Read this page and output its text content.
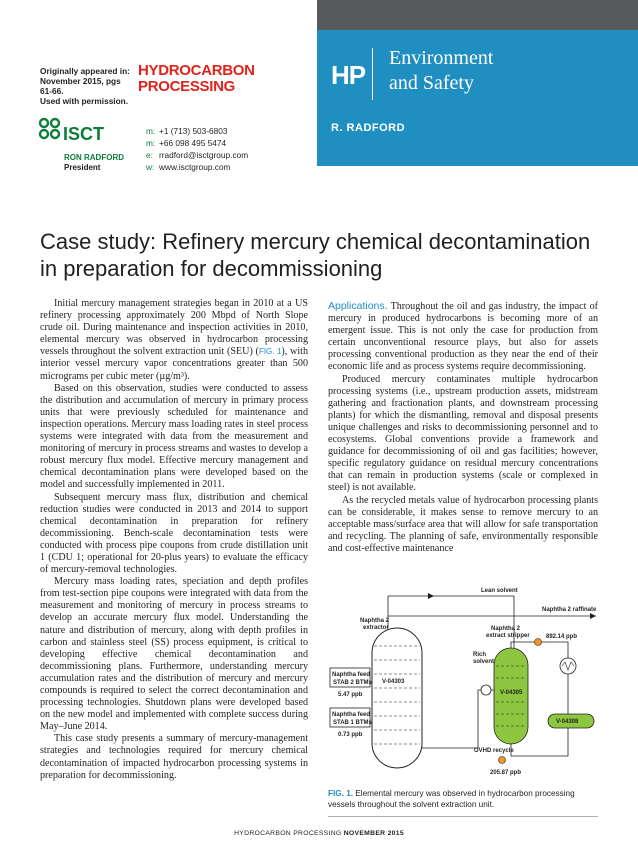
HP
Environment
and Safety
R. RADFORD
Originally appeared in:
November 2015, pgs 61-66.
Used with permission.
HYDROCARBON
PROCESSING
ISCT
RON RADFORD
President
m: +1 (713) 503-6803
m: +66 098 495 5474
e: rradford@isctgroup.com
w: www.isctgroup.com
Case study: Refinery mercury chemical decontamination in preparation for decommissioning

Initial mercury management strategies began in 2010 at a US refinery processing approximately 200 Mbpd of North Slope crude oil. During maintenance and inspection activities in 2010, elemental mercury was observed in hydrocarbon processing vessels throughout the solvent extraction unit (SEU) (FIG. 1), with interior vessel mercury vapor concentrations greater than 500 micrograms per cubic meter (µg/m³).

Based on this observation, studies were conducted to assess the distribution and accumulation of mercury in primary process units that were previously scheduled for maintenance and inspection operations. Mercury mass loading rates in steel process systems were integrated with data from the measurement and monitoring of mercury in process streams and wastes to develop a robust mercury flux model. Effective mercury management and chemical decontamination plans were developed based on the model and successfully implemented in 2011.

Subsequent mercury mass flux, distribution and chemical reduction studies were conducted in 2013 and 2014 to support chemical decontamination in preparation for refinery decommissioning. Bench-scale decontamination tests were conducted with process pipe coupons from crude distillation unit 1 (CDU 1; operational for 20-plus years) to evaluate the efficacy of mercury-removal technologies.

Mercury mass loading rates, speciation and depth profiles from test-section pipe coupons were integrated with data from the measurement and monitoring of mercury in process streams to develop an accurate mercury flux model. Understanding the nature and distribution of mercury, along with depth profiles in carbon and stainless steel (SS) process equipment, is critical to developing effective chemical decontamination and decommissioning plans. Furthermore, understanding mercury accumulation rates and the distribution of mercury and mercury compounds is required to select the correct decontamination and processing technologies. Shutdown plans were developed based on the new model and implemented with complete success during May–June 2014.

This case study presents a summary of mercury-management strategies and technologies required for mercury chemical decontamination of impacted hydrocarbon processing systems in preparation for decommissioning.

Applications. Throughout the oil and gas industry, the impact of mercury in produced hydrocarbons is becoming more of an emergent issue. This is not only the case for production from certain unconventional resource plays, but also for assets processing conventional production as they near the end of their economic life and as process systems require decommissioning.

Produced mercury contaminates multiple hydrocarbon processing systems (i.e., upstream production assets, midstream gathering and fractionation plants, and downstream processing plants) for which the dismantling, removal and disposal presents unique challenges and risks to decommissioning personnel and to ecosystems. Global conventions provide a framework and guidance for decommissioning of oil and gas facilities; however, specific regulatory guidance on residual mercury concentrations that can remain in production systems (scale or complexed in steel) is not available.

As the recycled metals value of hydrocarbon processing plants can be considerable, it makes sense to remove mercury to an acceptable mass/surface area that will allow for safe transportation and recycling. The planning of safe, environmentally responsible and cost-effective maintenance

Lean solvent
Naphtha 2 raffinate
Naphtha 2
extractor
V-04303
Naphtha feed
STAB 2 BTMs
5.47 ppb
Naphtha feed
STAB 1 BTMs
0.73 ppb
Rich
solvent
V-04305
Naphtha 2
extract stripper	892.14 ppb
V-04308
OVHD recycle
205.87 ppb
FIG. 1. Elemental mercury was observed in hydrocarbon processing vessels throughout the solvent extraction unit.
HYDROCARBON PROCESSING NOVEMBER 2015
